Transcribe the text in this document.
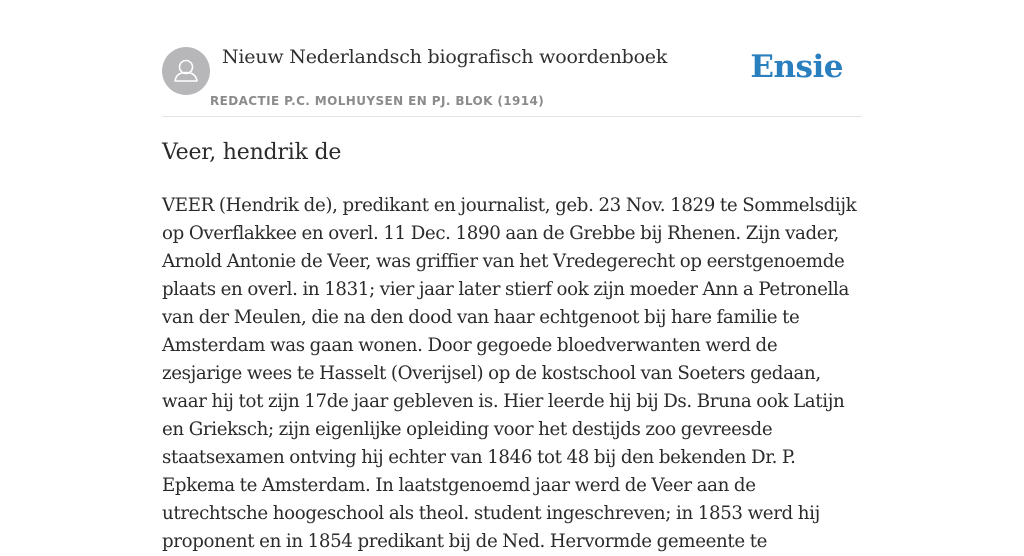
Nieuw Nederlandsch biografisch woordenboek
REDACTIE P.C. MOLHUYSEN EN PJ. BLOK (1914)
Ensie
Veer, hendrik de

VEER (Hendrik de), predikant en journalist, geb. 23 Nov. 1829 te Sommelsdijk op Overflakkee en overl. 11 Dec. 1890 aan de Grebbe bij Rhenen. Zijn vader, Arnold Antonie de Veer, was griffier van het Vredegerecht op eerstgenoemde plaats en overl. in 1831; vier jaar later stierf ook zijn moeder Ann a Petronella van der Meulen, die na den dood van haar echtgenoot bij hare familie te Amsterdam was gaan wonen. Door gegoede bloedverwanten werd de zesjarige wees te Hasselt (Overijsel) op de kostschool van Soeters gedaan, waar hij tot zijn 17de jaar gebleven is. Hier leerde hij bij Ds. Bruna ook Latijn en Grieksch; zijn eigenlijke opleiding voor het destijds zoo gevreesde staatsexamen ontving hij echter van 1846 tot 48 bij den bekenden Dr. P. Epkema te Amsterdam. In laatstgenoemd jaar werd de Veer aan de utrechtsche hoogeschool als theol. student ingeschreven; in 1853 werd hij proponent en in 1854 predikant bij de Ned. Hervormde gemeente te
